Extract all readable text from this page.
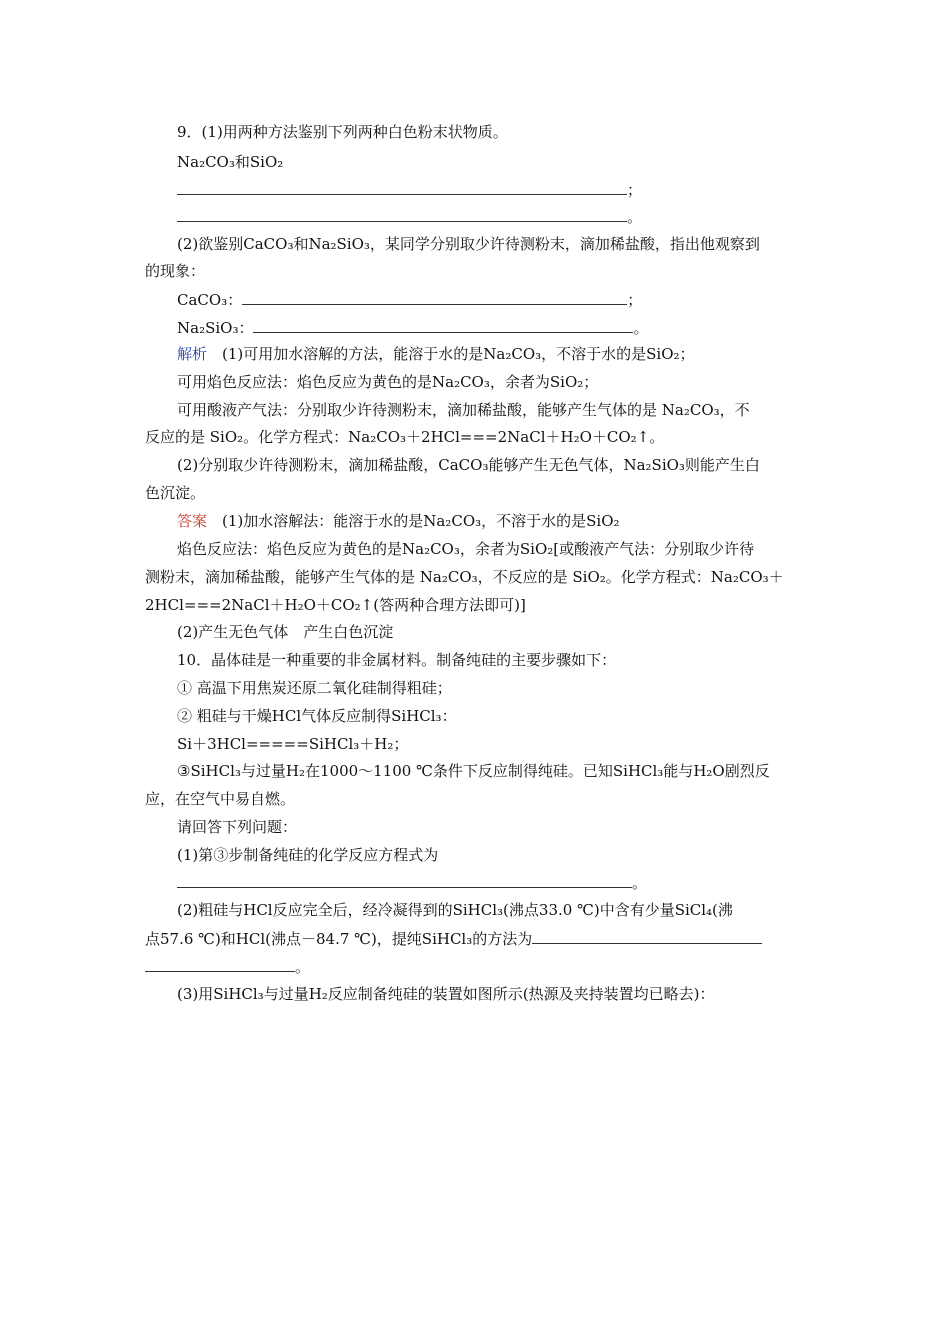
9．(1)用两种方法鉴别下列两种白色粉末状物质。
Na₂CO₃和SiO₂
；
。
(2)欲鉴别CaCO₃和Na₂SiO₃，某同学分别取少许待测粉末，滴加稀盐酸，指出他观察到
的现象：
CaCO₃：	；
Na₂SiO₃：	。
解析　(1)可用加水溶解的方法，能溶于水的是Na₂CO₃，不溶于水的是SiO₂；
可用焰色反应法：焰色反应为黄色的是Na₂CO₃，余者为SiO₂；
可用酸液产气法：分别取少许待测粉末，滴加稀盐酸，能够产生气体的是 Na₂CO₃，不
反应的是 SiO₂。化学方程式：Na₂CO₃＋2HCl===2NaCl＋H₂O＋CO₂↑。
(2)分别取少许待测粉末，滴加稀盐酸，CaCO₃能够产生无色气体，Na₂SiO₃则能产生白
色沉淀。
答案　(1)加水溶解法：能溶于水的是Na₂CO₃，不溶于水的是SiO₂
焰色反应法：焰色反应为黄色的是Na₂CO₃，余者为SiO₂[或酸液产气法：分别取少许待
测粉末，滴加稀盐酸，能够产生气体的是 Na₂CO₃，不反应的是 SiO₂。化学方程式：Na₂CO₃＋
2HCl===2NaCl＋H₂O＋CO₂↑(答两种合理方法即可)]
(2)产生无色气体　产生白色沉淀
10．晶体硅是一种重要的非金属材料。制备纯硅的主要步骤如下：
① 高温下用焦炭还原二氧化硅制得粗硅；
② 粗硅与干燥HCl气体反应制得SiHCl₃：
Si＋3HCl=====SiHCl₃＋H₂；
③SiHCl₃与过量H₂在1000～1100 ℃条件下反应制得纯硅。已知SiHCl₃能与H₂O剧烈反
应，在空气中易自燃。
请回答下列问题：
(1)第③步制备纯硅的化学反应方程式为
。
(2)粗硅与HCl反应完全后，经冷凝得到的SiHCl₃(沸点33.0 ℃)中含有少量SiCl₄(沸
点57.6 ℃)和HCl(沸点－84.7 ℃)，提纯SiHCl₃的方法为
。
(3)用SiHCl₃与过量H₂反应制备纯硅的装置如图所示(热源及夹持装置均已略去)：
